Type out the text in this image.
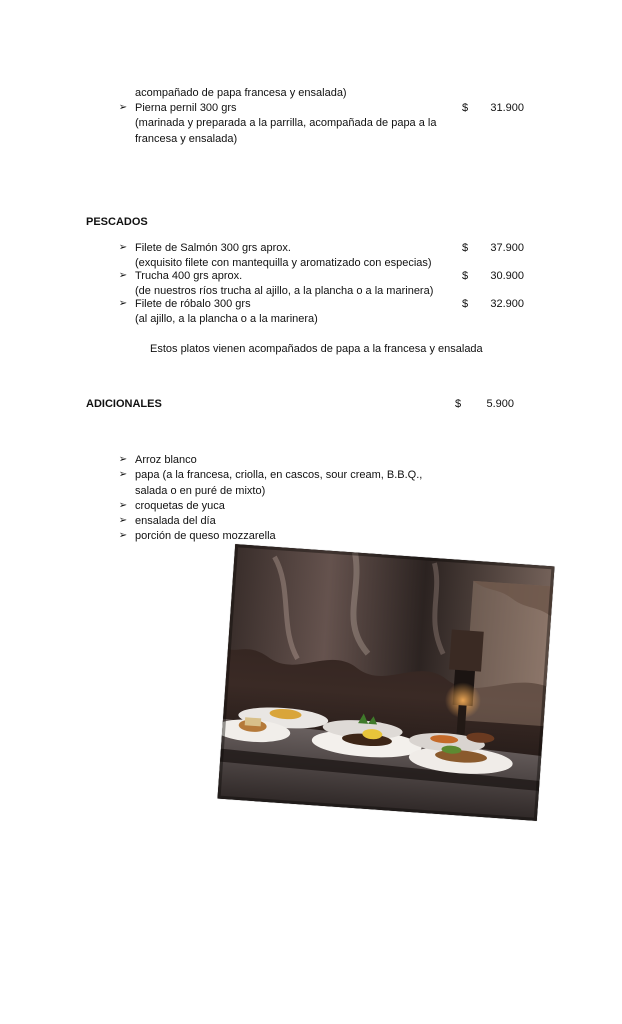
acompañado de papa francesa y ensalada)
➢ Pierna pernil 300 grs	$	31.900
(marinada y preparada a la parrilla, acompañada de papa a la
francesa y ensalada)
PESCADOS
➢ Filete de Salmón 300 grs aprox.	$	37.900
(exquisito filete con mantequilla y aromatizado con especias)
➢ Trucha 400 grs aprox.	$	30.900
(de nuestros ríos trucha al ajillo, a la plancha o a la marinera)
➢ Filete de róbalo 300 grs	$	32.900
(al ajillo, a la plancha o a la marinera)
Estos platos vienen acompañados de papa a la francesa y ensalada
ADICIONALES	$	5.900
➢ Arroz blanco
➢ papa (a la francesa, criolla, en cascos, sour cream, B.B.Q.,
salada o en puré de mixto)
➢ croquetas de yuca
➢ ensalada del día
➢ porción de queso mozzarella
